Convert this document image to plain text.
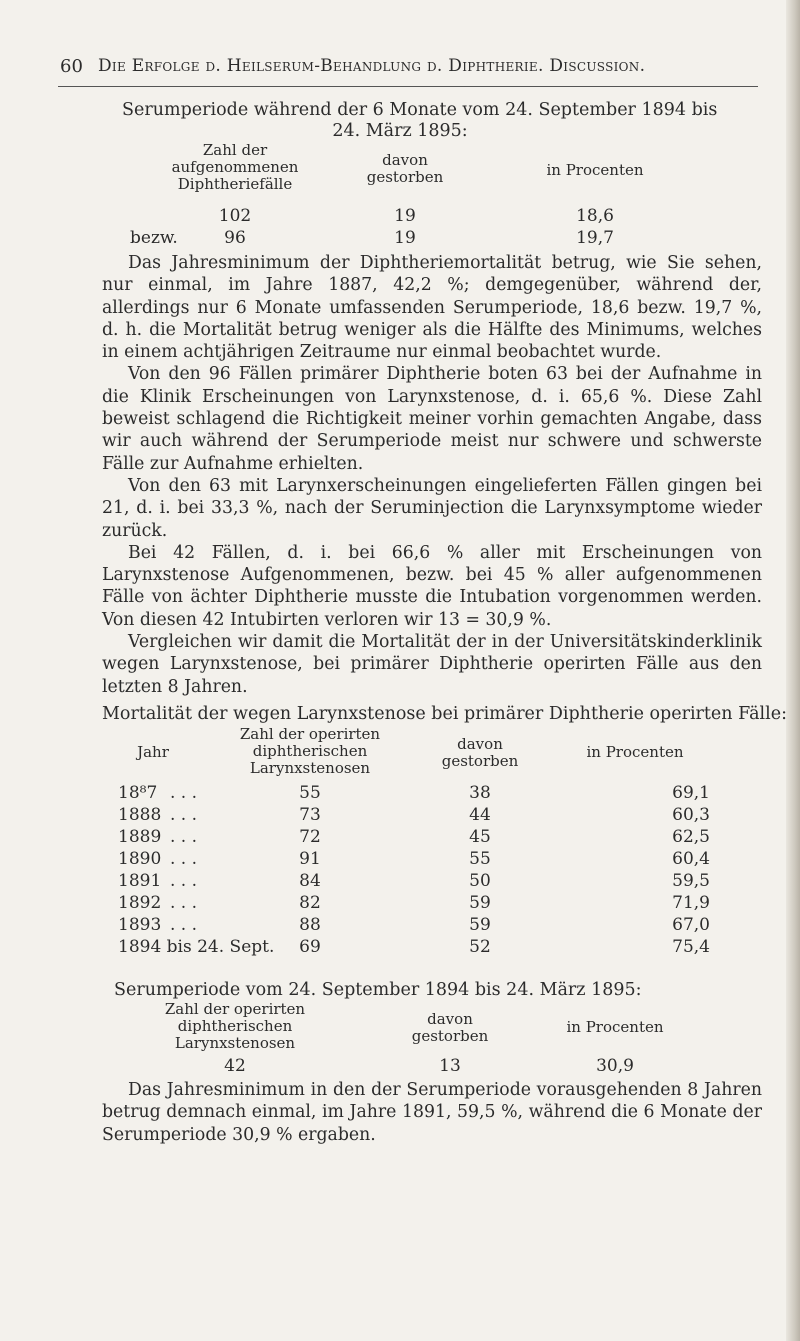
60 Die Erfolge d. Heilserum-Behandlung d. Diphtherie. Discussion.
Serumperiode während der 6 Monate vom 24. September 1894 bis
24. März 1895:
Zahl der
aufgenommenen
Diphtheriefälle
davon
gestorben	in Procenten
102	19	18,6
bezw.	96	19	19,7

Das Jahresminimum der Diphtheriemortalität betrug, wie Sie sehen, nur einmal, im Jahre 1887, 42,2 %; demgegenüber, während der, allerdings nur 6 Monate umfassenden Serumperiode, 18,6 bezw. 19,7 %, d. h. die Mortalität betrug weniger als die Hälfte des Minimums, welches in einem achtjährigen Zeitraume nur einmal beobachtet wurde.

Von den 96 Fällen primärer Diphtherie boten 63 bei der Aufnahme in die Klinik Erscheinungen von Larynxstenose, d. i. 65,6 %. Diese Zahl beweist schlagend die Richtigkeit meiner vorhin gemachten Angabe, dass wir auch während der Serumperiode meist nur schwere und schwerste Fälle zur Aufnahme erhielten.

Von den 63 mit Larynxerscheinungen eingelieferten Fällen gingen bei 21, d. i. bei 33,3 %, nach der Seruminjection die Larynxsymptome wieder zurück.

Bei 42 Fällen, d. i. bei 66,6 % aller mit Erscheinungen von Larynxstenose Aufgenommenen, bezw. bei 45 % aller aufgenommenen Fälle von ächter Diphtherie musste die Intubation vorgenommen werden. Von diesen 42 Intubirten verloren wir 13 = 30,9 %.

Vergleichen wir damit die Mortalität der in der Universitätskinderklinik wegen Larynxstenose, bei primärer Diphtherie operirten Fälle aus den letzten 8 Jahren.

Mortalität der wegen Larynxstenose bei primärer Diphtherie operirten Fälle:
Jahr
Zahl der operirten
diphtherischen
Larynxstenosen
davon
gestorben	in Procenten
18⁸7 . . .	55	38	69,1
1888 . . .	73	44	60,3
1889 . . .	72	45	62,5
1890 . . .	91	55	60,4
1891 . . .	84	50	59,5
1892 . . .	82	59	71,9
1893 . . .	88	59	67,0
1894 bis 24. Sept.	69	52	75,4
Serumperiode vom 24. September 1894 bis 24. März 1895:
Zahl der operirten
diphtherischen
Larynxstenosen
davon
gestorben	in Procenten
42	13	30,9

Das Jahresminimum in den der Serumperiode vorausgehenden 8 Jahren betrug demnach einmal, im Jahre 1891, 59,5 %, während die 6 Monate der Serumperiode 30,9 % ergaben.
